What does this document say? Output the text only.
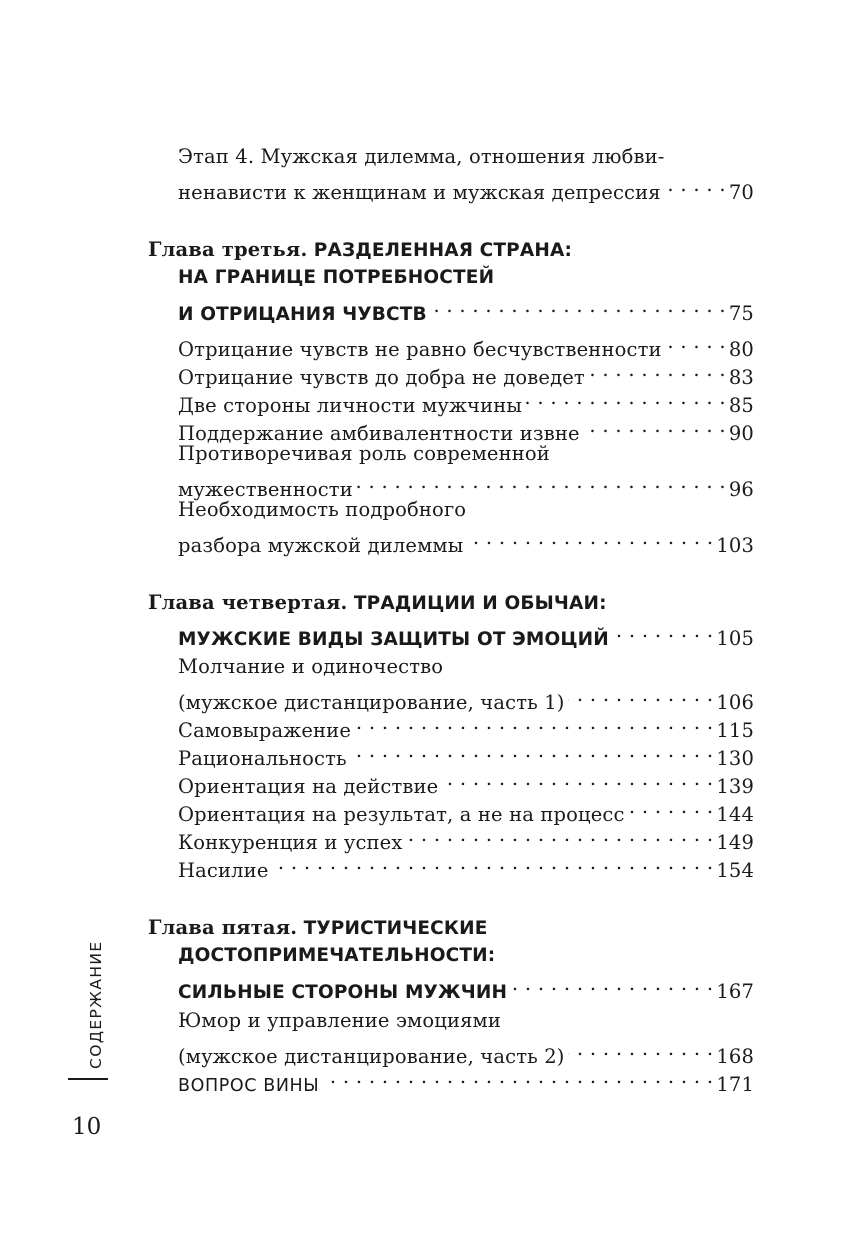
Этап 4. Мужская дилемма, отношения любви-
ненависти к женщинам и мужская депрессия . . .	70
Глава третья. РАЗДЕЛЕННАЯ СТРАНА:
НА ГРАНИЦЕ ПОТРЕБНОСТЕЙ
И ОТРИЦАНИЯ ЧУВСТВ . . .	75
Отрицание чувств не равно бесчувственности . . .	80
Отрицание чувств до добра не доведет . . .	83
Две стороны личности мужчины . . .	85
Поддержание амбивалентности извне . . .	90
Противоречивая роль современной
мужественности . . .	96
Необходимость подробного
разбора мужской дилеммы . . .	103
Глава четвертая. ТРАДИЦИИ И ОБЫЧАИ:
МУЖСКИЕ ВИДЫ ЗАЩИТЫ ОТ ЭМОЦИЙ . . .	105
Молчание и одиночество
(мужское дистанцирование, часть 1) . . .	106
Самовыражение . . .	115
Рациональность . . .	130
Ориентация на действие . . .	139
Ориентация на результат, а не на процесс . . .	144
Конкуренция и успех . . .	149
Насилие . . .	154
Глава пятая. ТУРИСТИЧЕСКИЕ
ДОСТОПРИМЕЧАТЕЛЬНОСТИ:
СИЛЬНЫЕ СТОРОНЫ МУЖЧИН . . .	167
Юмор и управление эмоциями
(мужское дистанцирование, часть 2) . . .	168
ВОПРОС ВИНЫ . . .	171
СОДЕРЖАНИЕ
10
